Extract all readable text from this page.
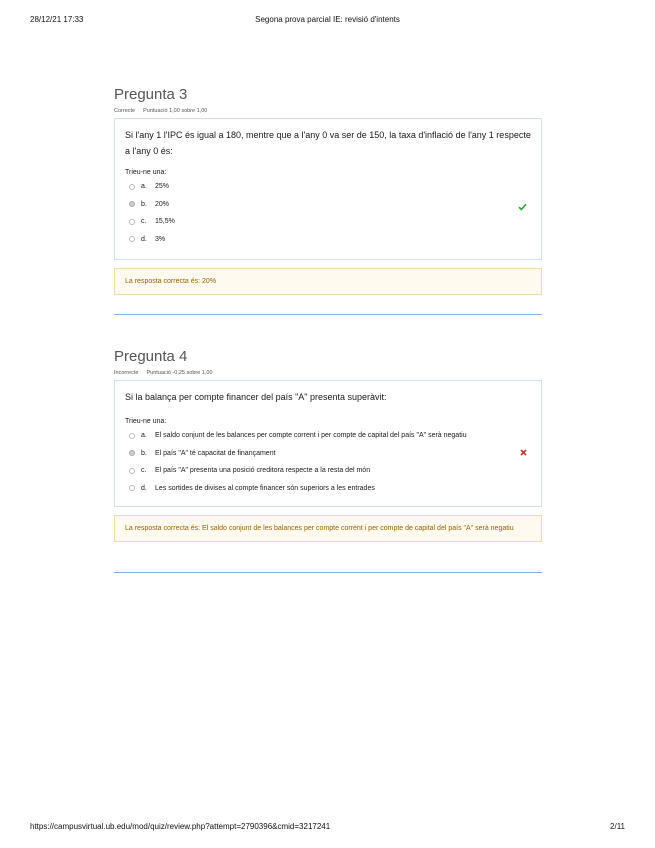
28/12/21 17:33	Segona prova parcial IE: revisió d'intents
Pregunta 3
Correcte Puntuació 1,00 sobre 1,00
Si l'any 1 l'IPC és igual a 180, mentre que a l'any 0 va ser de 150, la taxa d'inflació de l'any 1 respecte a l'any 0 és:
Trieu-ne una:
a.	25%
b.	20%
c.	15,5%
d.	3%
La resposta correcta és: 20%
Pregunta 4
Incorrecte Puntuació -0,25 sobre 1,00
Si la balança per compte financer del país "A" presenta superàvit:
Trieu-ne una:
a.	El saldo conjunt de les balances per compte corrent i per compte de capital del país "A" serà negatiu
b.	El país "A" té capacitat de finançament
c.	El país "A" presenta una posició creditora respecte a la resta del món
d.	Les sortides de divises al compte financer són superiors a les entrades
La resposta correcta és: El saldo conjunt de les balances per compte corrent i per compte de capital del país "A" serà negatiu
https://campusvirtual.ub.edu/mod/quiz/review.php?attempt=2790396&cmid=3217241	2/11
